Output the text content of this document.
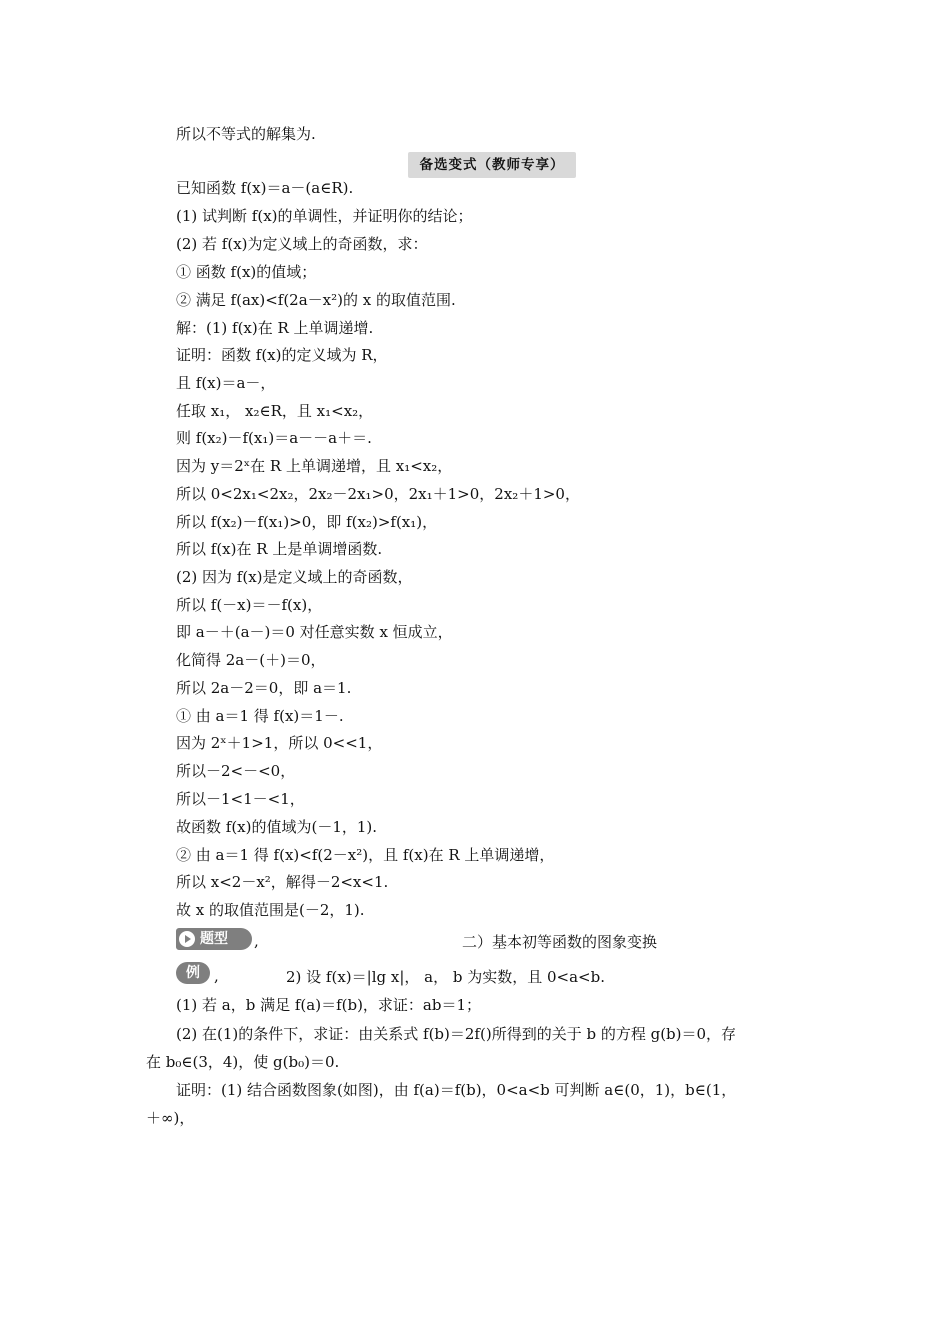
所以不等式的解集为.
备选变式（教师专享）
已知函数 f(x)＝a－(a∈R).
(1) 试判断 f(x)的单调性，并证明你的结论；
(2) 若 f(x)为定义域上的奇函数，求：
① 函数 f(x)的值域；
② 满足 f(ax)<f(2a－x²)的 x 的取值范围.
解：(1) f(x)在 R 上单调递增.
证明：函数 f(x)的定义域为 R，
且 f(x)＝a－，
任取 x₁， x₂∈R，且 x₁<x₂，
则 f(x₂)－f(x₁)＝a－－a＋＝.
因为 y＝2ˣ在 R 上单调递增，且 x₁<x₂，
所以 0<2x₁<2x₂，2x₂－2x₁>0，2x₁＋1>0，2x₂＋1>0，
所以 f(x₂)－f(x₁)>0，即 f(x₂)>f(x₁)，
所以 f(x)在 R 上是单调增函数.
(2) 因为 f(x)是定义域上的奇函数，
所以 f(－x)＝－f(x)，
即 a－＋(a－)＝0 对任意实数 x 恒成立，
化简得 2a－(＋)＝0，
所以 2a－2＝0，即 a＝1.
① 由 a＝1 得 f(x)＝1－.
因为 2ˣ＋1>1，所以 0<<1，
所以－2<－<0，
所以－1<1－<1，
故函数 f(x)的值域为(－1，1).
② 由 a＝1 得 f(x)<f(2－x²)，且 f(x)在 R 上单调递增，
所以 x<2－x²，解得－2<x<1.
故 x 的取值范围是(－2，1).
题型 ,	二）基本初等函数的图象变换
例 ,	2) 设 f(x)＝|lg x|， a， b 为实数，且 0<a<b.
(1) 若 a，b 满足 f(a)＝f(b)，求证：ab＝1；
(2) 在(1)的条件下，求证：由关系式 f(b)＝2f()所得到的关于 b 的方程 g(b)＝0，存
在 b₀∈(3，4)，使 g(b₀)＝0.
证明：(1) 结合函数图象(如图)，由 f(a)＝f(b)，0<a<b 可判断 a∈(0，1)，b∈(1，
＋∞)，
